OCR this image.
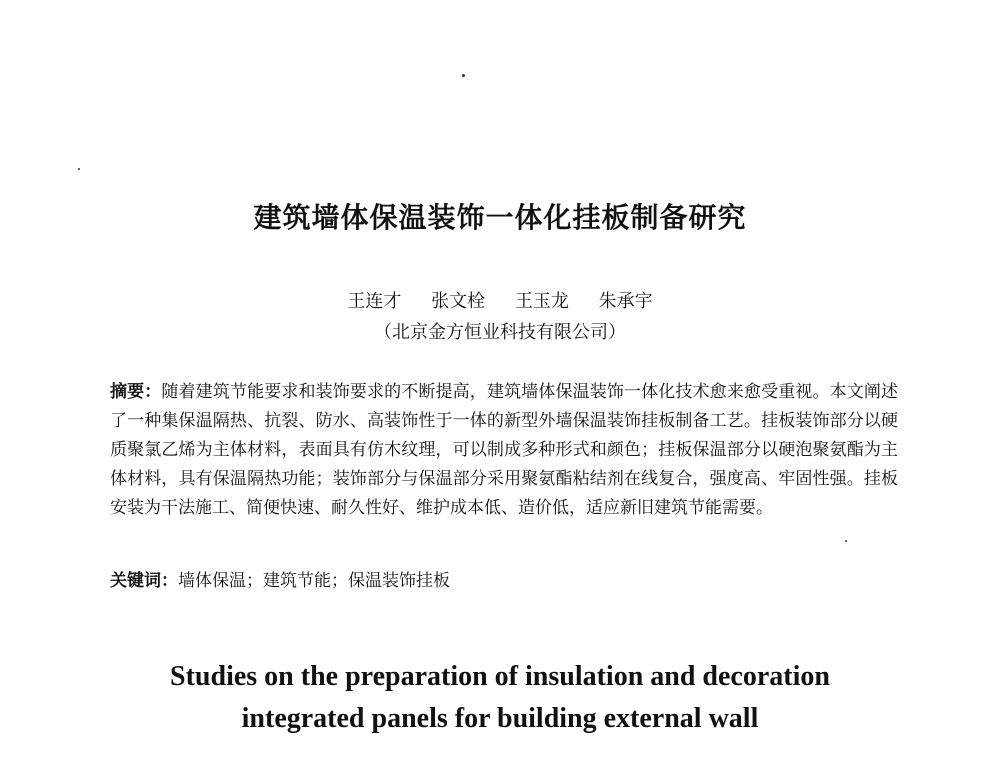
建筑墙体保温装饰一体化挂板制备研究
王连才 张文栓 王玉龙 朱承宇
（北京金方恒业科技有限公司）
摘要：随着建筑节能要求和装饰要求的不断提高，建筑墙体保温装饰一体化技术愈来愈受重视。本文阐述了一种集保温隔热、抗裂、防水、高装饰性于一体的新型外墙保温装饰挂板制备工艺。挂板装饰部分以硬质聚氯乙烯为主体材料，表面具有仿木纹理，可以制成多种形式和颜色；挂板保温部分以硬泡聚氨酯为主体材料，具有保温隔热功能；装饰部分与保温部分采用聚氨酯粘结剂在线复合，强度高、牢固性强。挂板安装为干法施工、简便快速、耐久性好、维护成本低、造价低，适应新旧建筑节能需要。
关键词：墙体保温；建筑节能；保温装饰挂板
Studies on the preparation of insulation and decoration
integrated panels for building external wall
